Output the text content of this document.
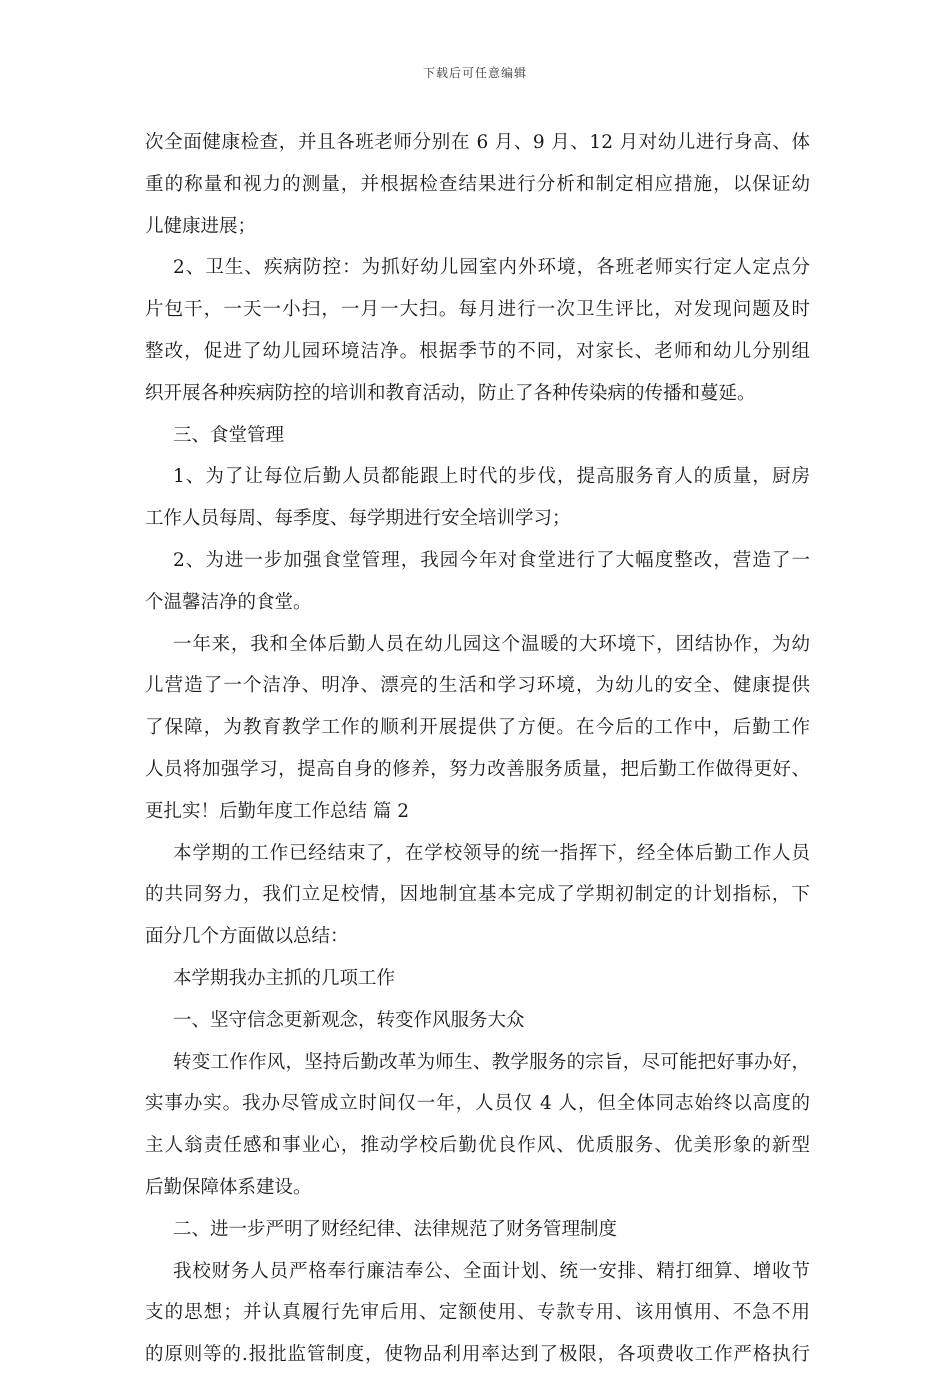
下载后可任意编辑
次全面健康检查，并且各班老师分别在 6 月、9 月、12 月对幼儿进行身高、体
重的称量和视力的测量，并根据检查结果进行分析和制定相应措施，以保证幼
儿健康进展；
2、卫生、疾病防控：为抓好幼儿园室内外环境，各班老师实行定人定点分
片包干，一天一小扫，一月一大扫。每月进行一次卫生评比，对发现问题及时
整改，促进了幼儿园环境洁净。根据季节的不同，对家长、老师和幼儿分别组
织开展各种疾病防控的培训和教育活动，防止了各种传染病的传播和蔓延。
三、食堂管理
1、为了让每位后勤人员都能跟上时代的步伐，提高服务育人的质量，厨房
工作人员每周、每季度、每学期进行安全培训学习；
2、为进一步加强食堂管理，我园今年对食堂进行了大幅度整改，营造了一
个温馨洁净的食堂。
一年来，我和全体后勤人员在幼儿园这个温暖的大环境下，团结协作，为幼
儿营造了一个洁净、明净、漂亮的生活和学习环境，为幼儿的安全、健康提供
了保障，为教育教学工作的顺利开展提供了方便。在今后的工作中，后勤工作
人员将加强学习，提高自身的修养，努力改善服务质量，把后勤工作做得更好、
更扎实！后勤年度工作总结 篇 2
本学期的工作已经结束了，在学校领导的统一指挥下，经全体后勤工作人员
的共同努力，我们立足校情，因地制宜基本完成了学期初制定的计划指标，下
面分几个方面做以总结：
本学期我办主抓的几项工作
一、坚守信念更新观念，转变作风服务大众
转变工作作风，坚持后勤改革为师生、教学服务的宗旨，尽可能把好事办好，
实事办实。我办尽管成立时间仅一年，人员仅 4 人，但全体同志始终以高度的
主人翁责任感和事业心，推动学校后勤优良作风、优质服务、优美形象的新型
后勤保障体系建设。
二、进一步严明了财经纪律、法律规范了财务管理制度
我校财务人员严格奉行廉洁奉公、全面计划、统一安排、精打细算、增收节
支的思想；并认真履行先审后用、定额使用、专款专用、该用慎用、不急不用
的原则等的.报批监管制度，使物品利用率达到了极限，各项费收工作严格执行
